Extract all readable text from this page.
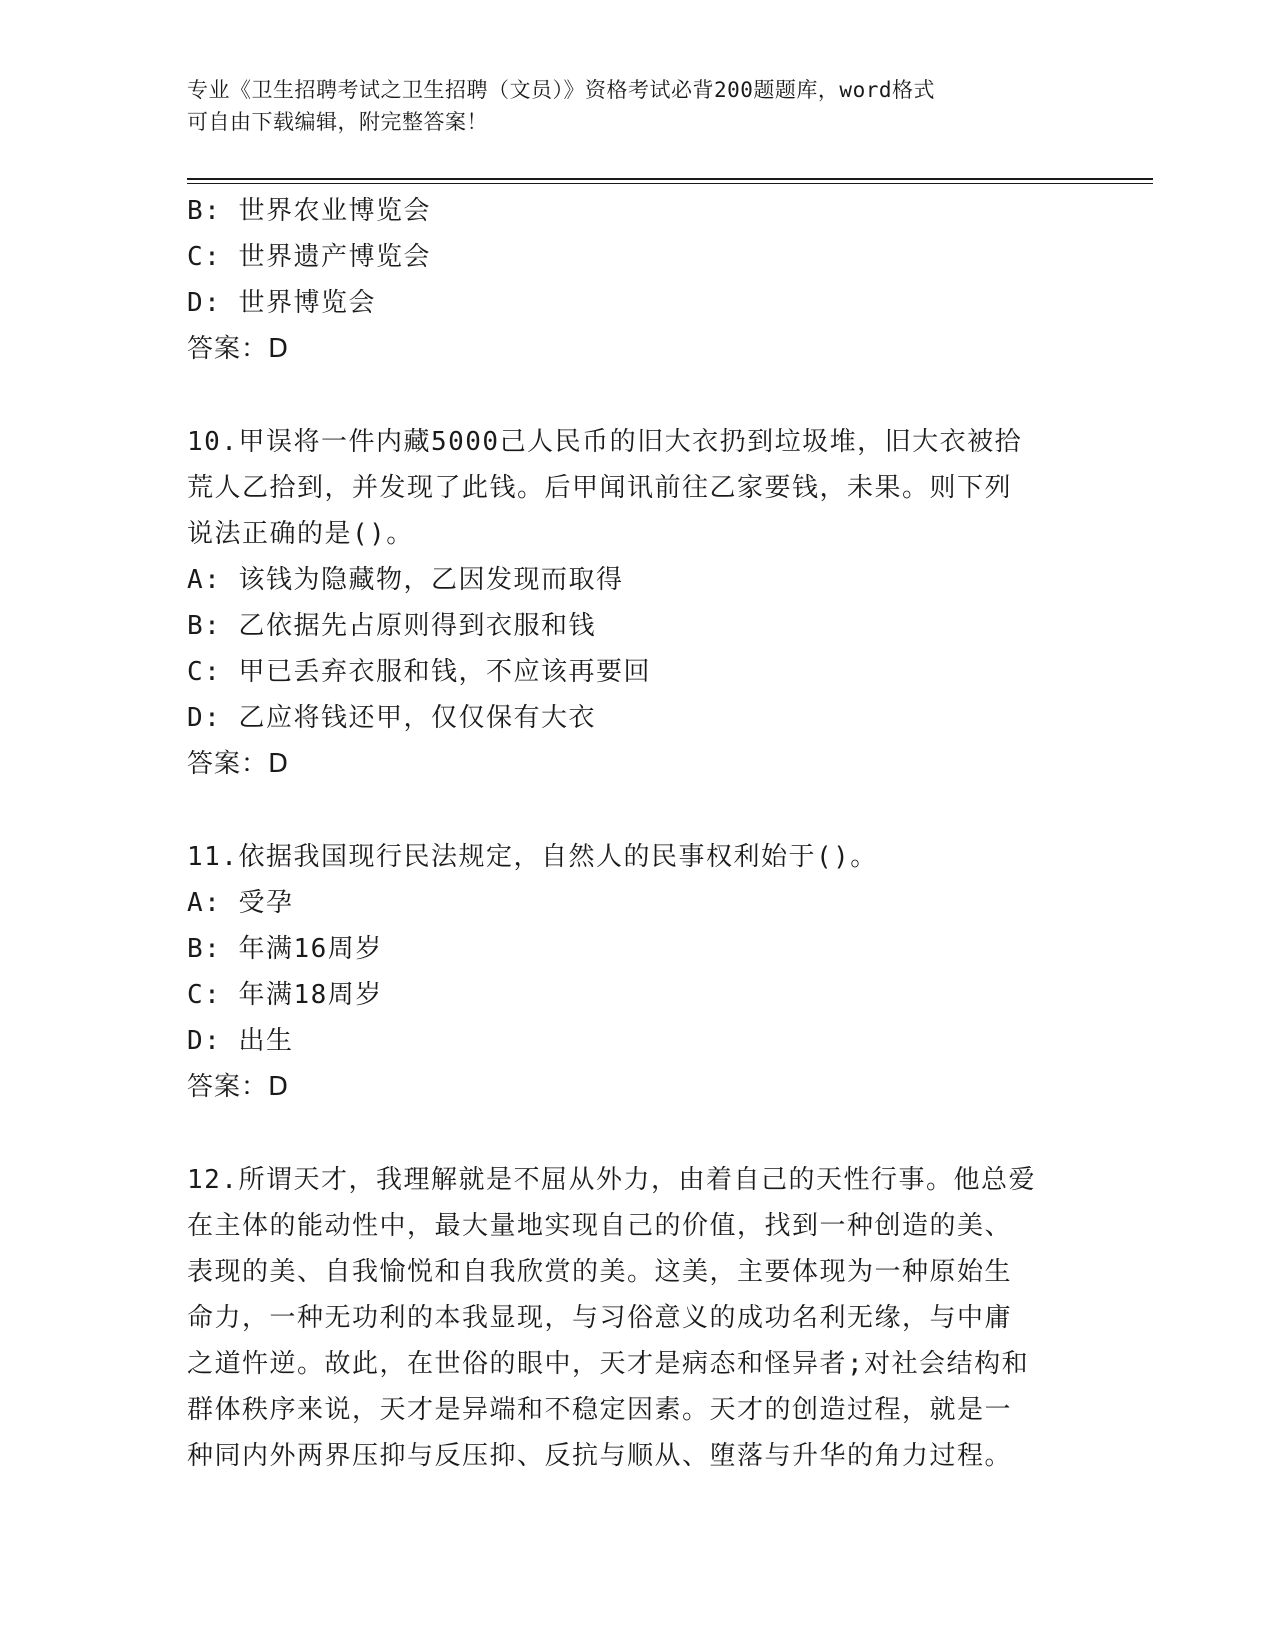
专业《卫生招聘考试之卫生招聘（文员）》资格考试必背200题题库，word格式
可自由下载编辑，附完整答案！
B: 世界农业博览会
C: 世界遗产博览会
D: 世界博览会
答案：D
10.甲误将一件内藏5000己人民币的旧大衣扔到垃圾堆，旧大衣被拾
荒人乙拾到，并发现了此钱。后甲闻讯前往乙家要钱，未果。则下列
说法正确的是()。
A: 该钱为隐藏物，乙因发现而取得
B: 乙依据先占原则得到衣服和钱
C: 甲已丢弃衣服和钱，不应该再要回
D: 乙应将钱还甲，仅仅保有大衣
答案：D
11.依据我国现行民法规定，自然人的民事权利始于()。
A: 受孕
B: 年满16周岁
C: 年满18周岁
D: 出生
答案：D
12.所谓天才，我理解就是不屈从外力，由着自己的天性行事。他总爱
在主体的能动性中，最大量地实现自己的价值，找到一种创造的美、
表现的美、自我愉悦和自我欣赏的美。这美，主要体现为一种原始生
命力，一种无功利的本我显现，与习俗意义的成功名利无缘，与中庸
之道忤逆。故此，在世俗的眼中，天才是病态和怪异者;对社会结构和
群体秩序来说，天才是异端和不稳定因素。天才的创造过程，就是一
种同内外两界压抑与反压抑、反抗与顺从、堕落与升华的角力过程。
